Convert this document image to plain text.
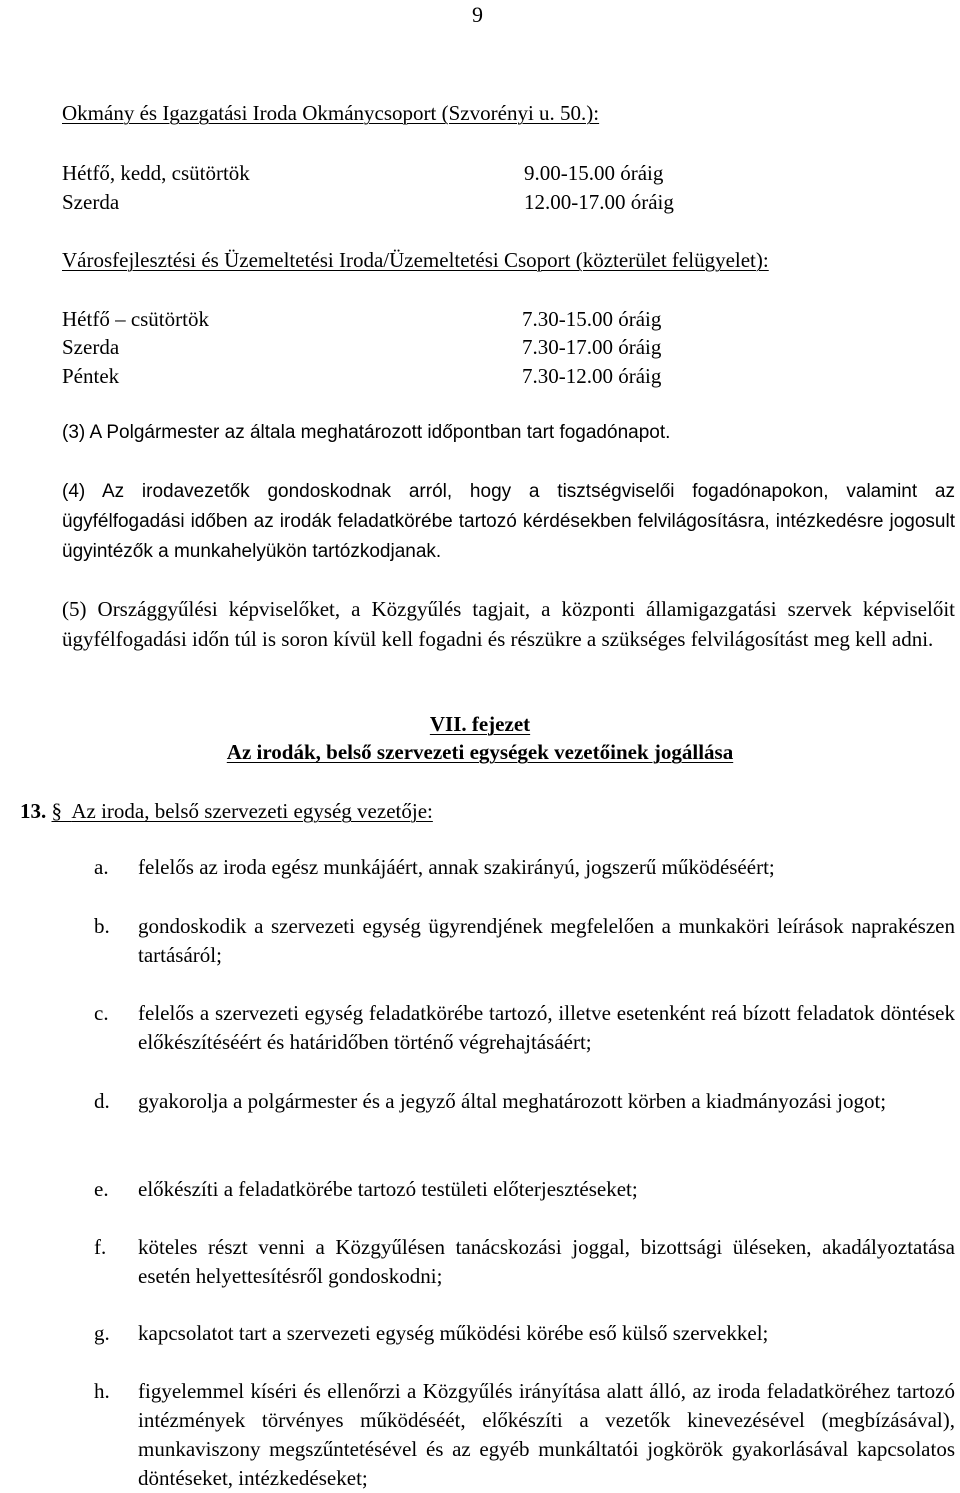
9
Okmány és Igazgatási Iroda Okmánycsoport (Szvorényi u. 50.):
Hétfő, kedd, csütörtök	9.00-15.00 óráig
Szerda	12.00-17.00 óráig
Városfejlesztési és Üzemeltetési Iroda/Üzemeltetési Csoport (közterület felügyelet):
Hétfő – csütörtök	7.30-15.00 óráig
Szerda	7.30-17.00 óráig
Péntek	7.30-12.00 óráig
(3) A Polgármester az általa meghatározott időpontban tart fogadónapot.
(4) Az irodavezetők gondoskodnak arról, hogy a tisztségviselői fogadónapokon, valamint az ügyfélfogadási időben az irodák feladatkörébe tartozó kérdésekben felvilágosításra, intézkedésre jogosult ügyintézők a munkahelyükön tartózkodjanak.
(5) Országgyűlési képviselőket, a Közgyűlés tagjait, a központi államigazgatási szervek képviselőit ügyfélfogadási időn túl is soron kívül kell fogadni és részükre a szükséges felvilágosítást meg kell adni.
VII. fejezet
Az irodák, belső szervezeti egységek vezetőinek jogállása
13. § Az iroda, belső szervezeti egység vezetője:
a. felelős az iroda egész munkájáért, annak szakirányú, jogszerű működéséért;
b. gondoskodik a szervezeti egység ügyrendjének megfelelően a munkaköri leírások naprakészen tartásáról;
c. felelős a szervezeti egység feladatkörébe tartozó, illetve esetenként reá bízott feladatok döntések előkészítéséért és határidőben történő végrehajtásáért;
d. gyakorolja a polgármester és a jegyző által meghatározott körben a kiadmányozási jogot;
e. előkészíti a feladatkörébe tartozó testületi előterjesztéseket;
f. köteles részt venni a Közgyűlésen tanácskozási joggal, bizottsági üléseken, akadályoztatása esetén helyettesítésről gondoskodni;
g. kapcsolatot tart a szervezeti egység működési körébe eső külső szervekkel;
h. figyelemmel kíséri és ellenőrzi a Közgyűlés irányítása alatt álló, az iroda feladatköréhez tartozó intézmények törvényes működéséét, előkészíti a vezetők kinevezésével (megbízásával), munkaviszony megszűntetésével és az egyéb munkáltatói jogkörök gyakorlásával kapcsolatos döntéseket, intézkedéseket;
